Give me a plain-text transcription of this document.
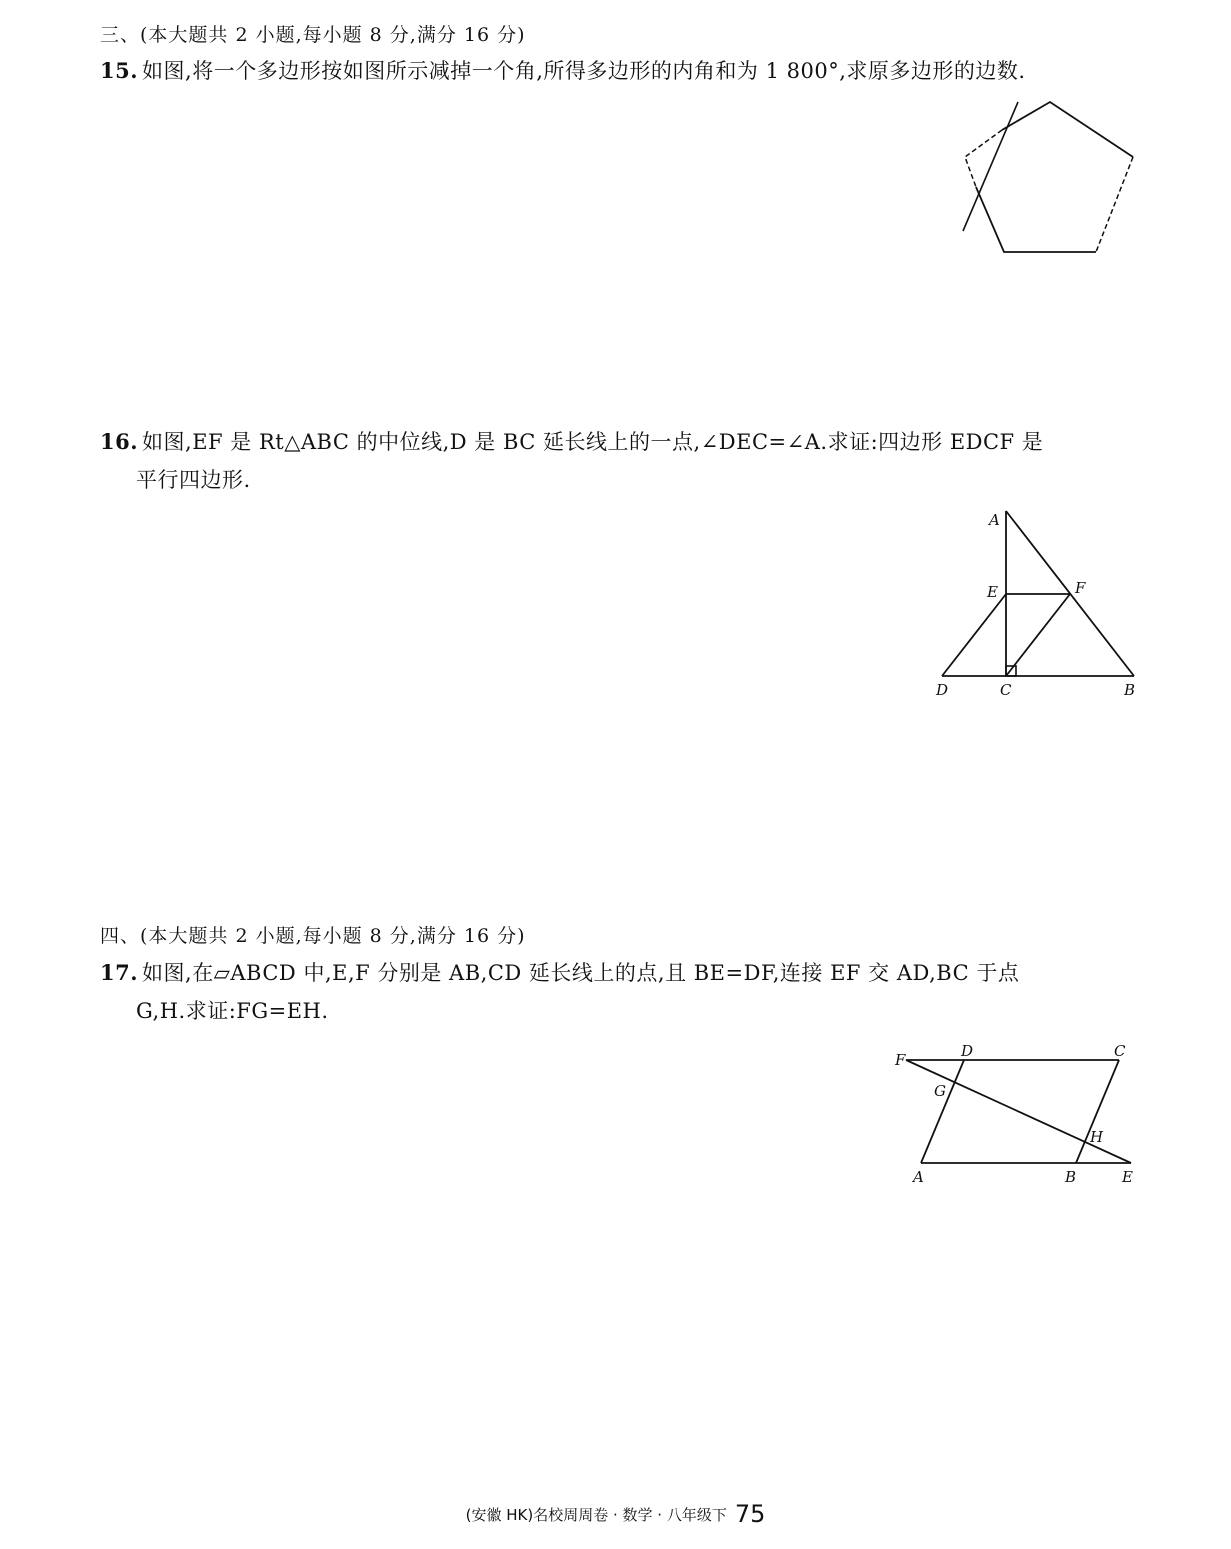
三、(本大题共 2 小题,每小题 8 分,满分 16 分)
15. 如图,将一个多边形按如图所示减掉一个角,所得多边形的内角和为 1 800°,求原多边形的边数.
16. 如图,EF 是 Rt△ABC 的中位线,D 是 BC 延长线上的一点,∠DEC=∠A.求证:四边形 EDCF 是
平行四边形.
A
E	F
D	C	B
四、(本大题共 2 小题,每小题 8 分,满分 16 分)
17. 如图,在▱ABCD 中,E,F 分别是 AB,CD 延长线上的点,且 BE=DF,连接 EF 交 AD,BC 于点
G,H.求证:FG=EH.
F	D	C
G
H
A	B	E
(安徽 HK)名校周周卷 · 数学 · 八年级下 75
